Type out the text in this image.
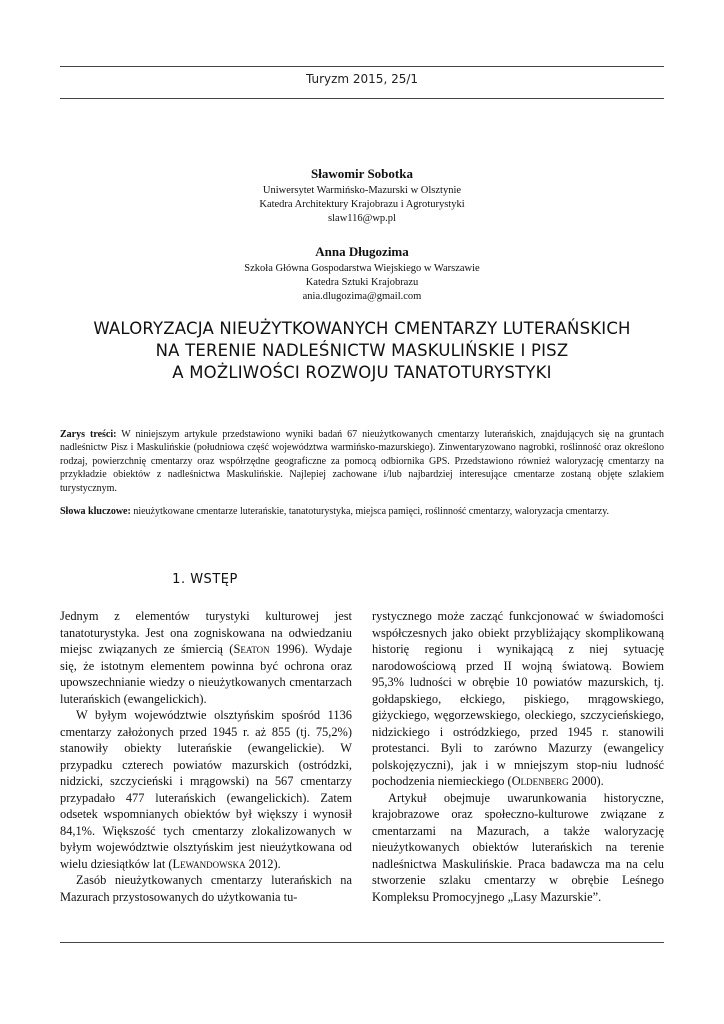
Turyzm 2015, 25/1
Sławomir Sobotka
Uniwersytet Warmińsko-Mazurski w Olsztynie
Katedra Architektury Krajobrazu i Agroturystyki
slaw116@wp.pl
Anna Długozima
Szkoła Główna Gospodarstwa Wiejskiego w Warszawie
Katedra Sztuki Krajobrazu
ania.dlugozima@gmail.com
WALORYZACJA NIEUŻYTKOWANYCH CMENTARZY LUTERAŃSKICH
NA TERENIE NADLEŚNICTW MASKULIŃSKIE I PISZ
A MOŻLIWOŚCI ROZWOJU TANATOTURYSTYKI
Zarys treści: W niniejszym artykule przedstawiono wyniki badań 67 nieużytkowanych cmentarzy luterańskich, znajdujących się na gruntach nadleśnictw Pisz i Maskulińskie (południowa część województwa warmińsko-mazurskiego). Zinwentaryzowano nagrobki, roślinność oraz określono rodzaj, powierzchnię cmentarzy oraz współrzędne geograficzne za pomocą odbiornika GPS. Przedstawiono również waloryzację cmentarzy na przykładzie obiektów z nadleśnictwa Maskulińskie. Najlepiej zachowane i/lub najbardziej interesujące cmentarze zostaną objęte szlakiem turystycznym.
Słowa kluczowe: nieużytkowane cmentarze luterańskie, tanatoturystyka, miejsca pamięci, roślinność cmentarzy, waloryzacja cmentarzy.
1. WSTĘP

Jednym z elementów turystyki kulturowej jest tanatoturystyka. Jest ona zogniskowana na odwiedzaniu miejsc związanych ze śmiercią (Seaton 1996). Wydaje się, że istotnym elementem powinna być ochrona oraz upowszechnianie wiedzy o nieużytkowanych cmentarzach luterańskich (ewangelickich).

W byłym województwie olsztyńskim spośród 1136 cmentarzy założonych przed 1945 r. aż 855 (tj. 75,2%) stanowiły obiekty luterańskie (ewangelickie). W przypadku czterech powiatów mazurskich (ostródzki, nidzicki, szczycieński i mrągowski) na 567 cmentarzy przypadało 477 luterańskich (ewangelickich). Zatem odsetek wspomnianych obiektów był większy i wynosił 84,1%. Większość tych cmentarzy zlokalizowanych w byłym województwie olsztyńskim jest nieużytkowana od wielu dziesiątków lat (Lewandowska 2012).

Zasób nieużytkowanych cmentarzy luterańskich na Mazurach przystosowanych do użytkowania tu-

rystycznego może zacząć funkcjonować w świadomości współczesnych jako obiekt przybliżający skomplikowaną historię regionu i wynikającą z niej sytuację narodowościową przed II wojną światową. Bowiem 95,3% ludności w obrębie 10 powiatów mazurskich, tj. gołdapskiego, ełckiego, piskiego, mrągowskiego, giżyckiego, węgorzewskiego, oleckiego, szczycieńskiego, nidzickiego i ostródzkiego, przed 1945 r. stanowili protestanci. Byli to zarówno Mazurzy (ewangelicy polskojęzyczni), jak i w mniejszym stop-niu ludność pochodzenia niemieckiego (Oldenberg 2000).

Artykuł obejmuje uwarunkowania historyczne, krajobrazowe oraz społeczno-kulturowe związane z cmentarzami na Mazurach, a także waloryzację nieużytkowanych obiektów luterańskich na terenie nadleśnictwa Maskulińskie. Praca badawcza ma na celu stworzenie szlaku cmentarzy w obrębie Leśnego Kompleksu Promocyjnego „Lasy Mazurskie”.
